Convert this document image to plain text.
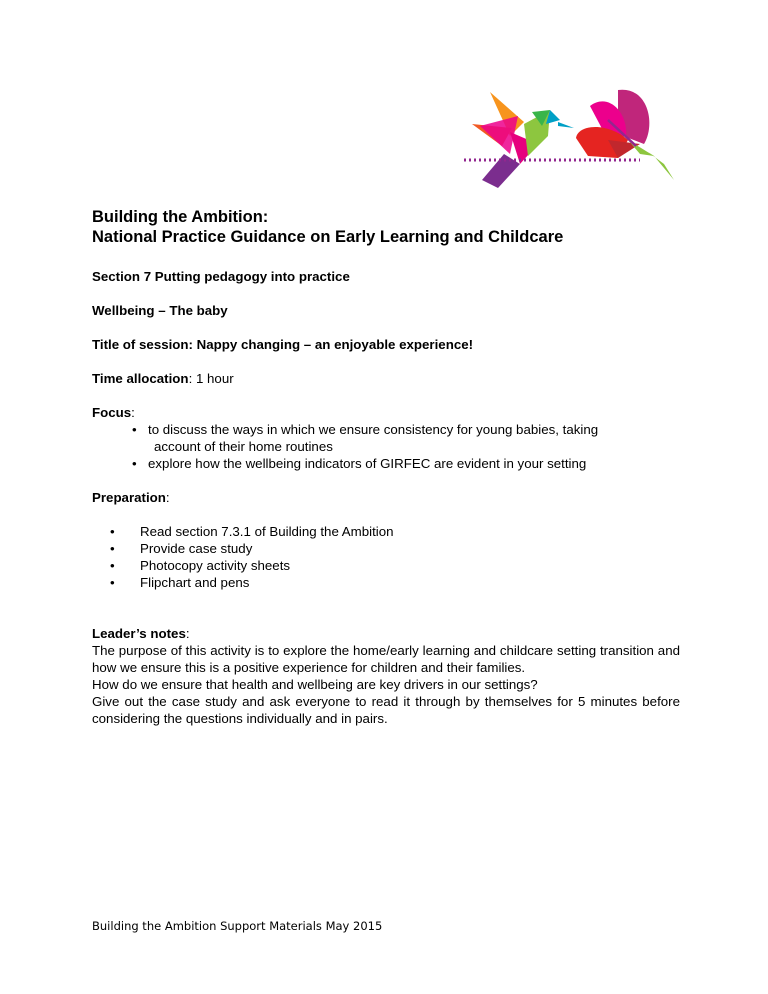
Building the Ambition:
National Practice Guidance on Early Learning and Childcare

Section 7 Putting pedagogy into practice

Wellbeing – The baby

Title of session: Nappy changing – an enjoyable experience!

Time allocation: 1 hour

Focus:

• to discuss the ways in which we ensure consistency for young babies, taking
account of their home routines
• explore how the wellbeing indicators of GIRFEC are evident in your setting

Preparation:

• Read section 7.3.1 of Building the Ambition
• Provide case study
• Photocopy activity sheets
• Flipchart and pens

Leader’s notes:

The purpose of this activity is to explore the home/early learning and childcare setting transition and how we ensure this is a positive experience for children and their families.

How do we ensure that health and wellbeing are key drivers in our settings?

Give out the case study and ask everyone to read it through by themselves for 5 minutes before considering the questions individually and in pairs.

Building the Ambition Support Materials May 2015
